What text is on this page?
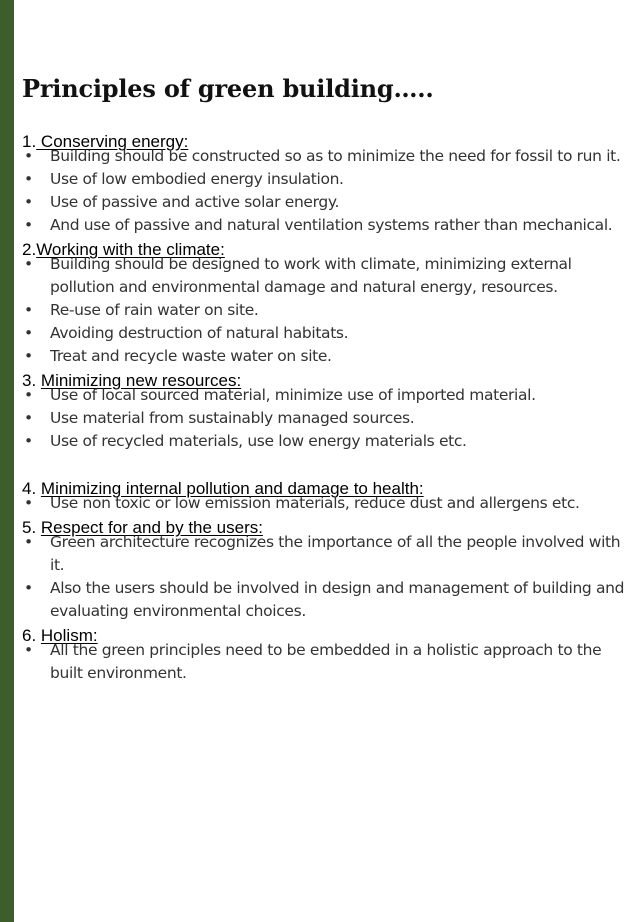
Principles of green building…..
1. Conserving energy:
• Building should be constructed so as to minimize the need for fossil to run it.
• Use of low embodied energy insulation.
• Use of passive and active solar energy.
• And use of passive and natural ventilation systems rather than mechanical.
2.Working with the climate:
• Building should be designed to work with climate, minimizing external pollution and environmental damage and natural energy, resources.
• Re-use of rain water on site.
• Avoiding destruction of natural habitats.
• Treat and recycle waste water on site.
3. Minimizing new resources:
• Use of local sourced material, minimize use of imported material.
• Use material from sustainably managed sources.
• Use of recycled materials, use low energy materials etc.
4. Minimizing internal pollution and damage to health:
• Use non toxic or low emission materials, reduce dust and allergens etc.
5. Respect for and by the users:
• Green architecture recognizes the importance of all the people involved with it.
• Also the users should be involved in design and management of building and evaluating environmental choices.
6. Holism:
• All the green principles need to be embedded in a holistic approach to the built environment.
